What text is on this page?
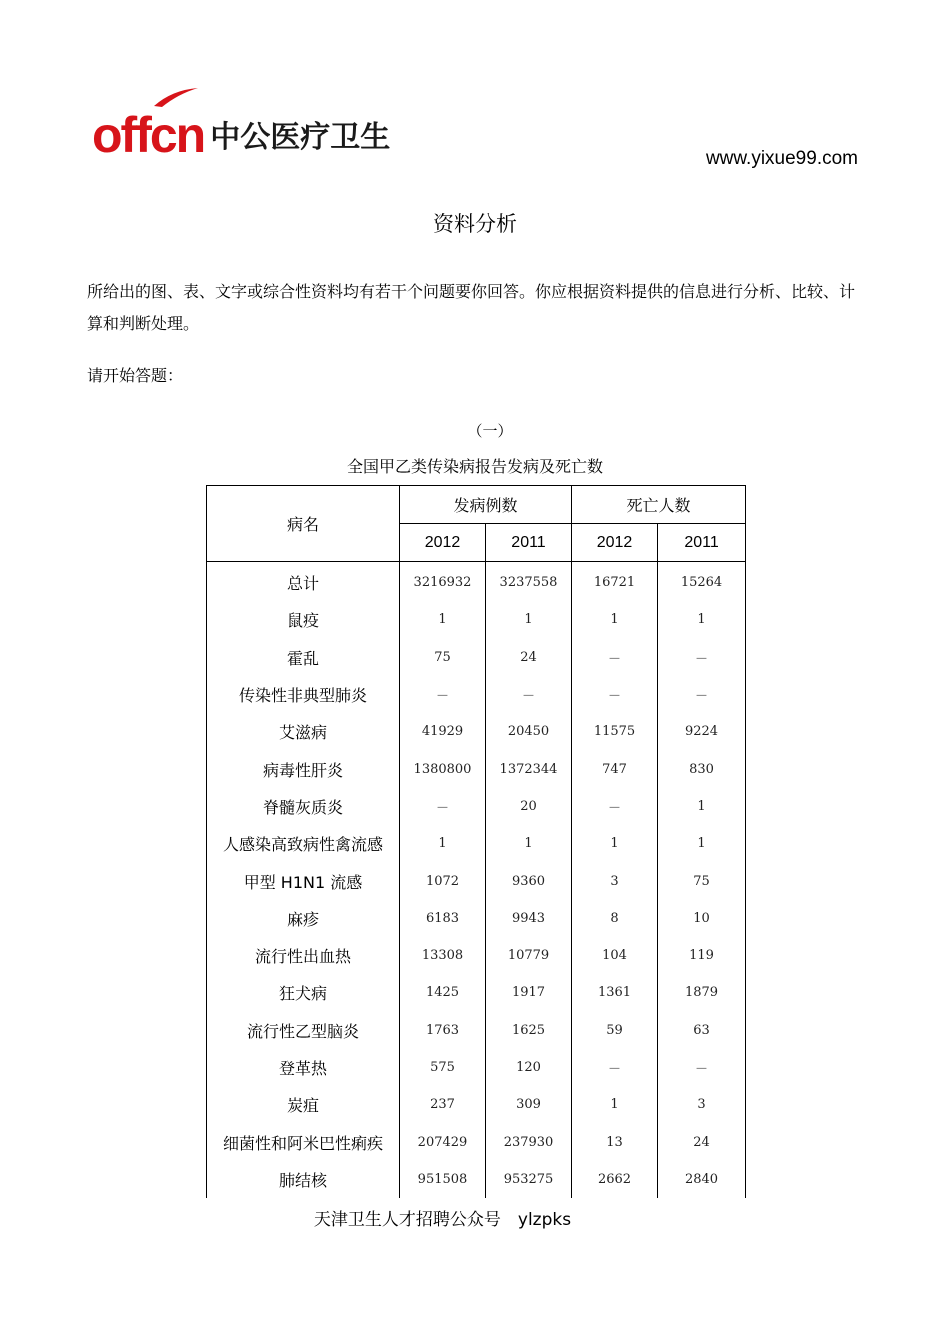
offcn 中公医疗卫生
www.yixue99.com
资料分析
所给出的图、表、文字或综合性资料均有若干个问题要你回答。你应根据资料提供的信息进行分析、比较、计算和判断处理。
请开始答题：
（一）
全国甲乙类传染病报告发病及死亡数
病名	发病例数		死亡人数	
	2012	2011	2012	2011
总计	3216932	3237558	16721	15264
鼠疫	1	1	1	1
霍乱	75	24	－	－
传染性非典型肺炎	－	－	－	－
艾滋病	41929	20450	11575	9224
病毒性肝炎	1380800	1372344	747	830
脊髓灰质炎	－	20	－	1
人感染高致病性禽流感	1	1	1	1
甲型 H1N1 流感	1072	9360	3	75
麻疹	6183	9943	8	10
流行性出血热	13308	10779	104	119
狂犬病	1425	1917	1361	1879
流行性乙型脑炎	1763	1625	59	63
登革热	575	120	－	－
炭疽	237	309	1	3
细菌性和阿米巴性痢疾	207429	237930	13	24
肺结核	951508	953275	2662	2840
天津卫生人才招聘公众号　ylzpks
